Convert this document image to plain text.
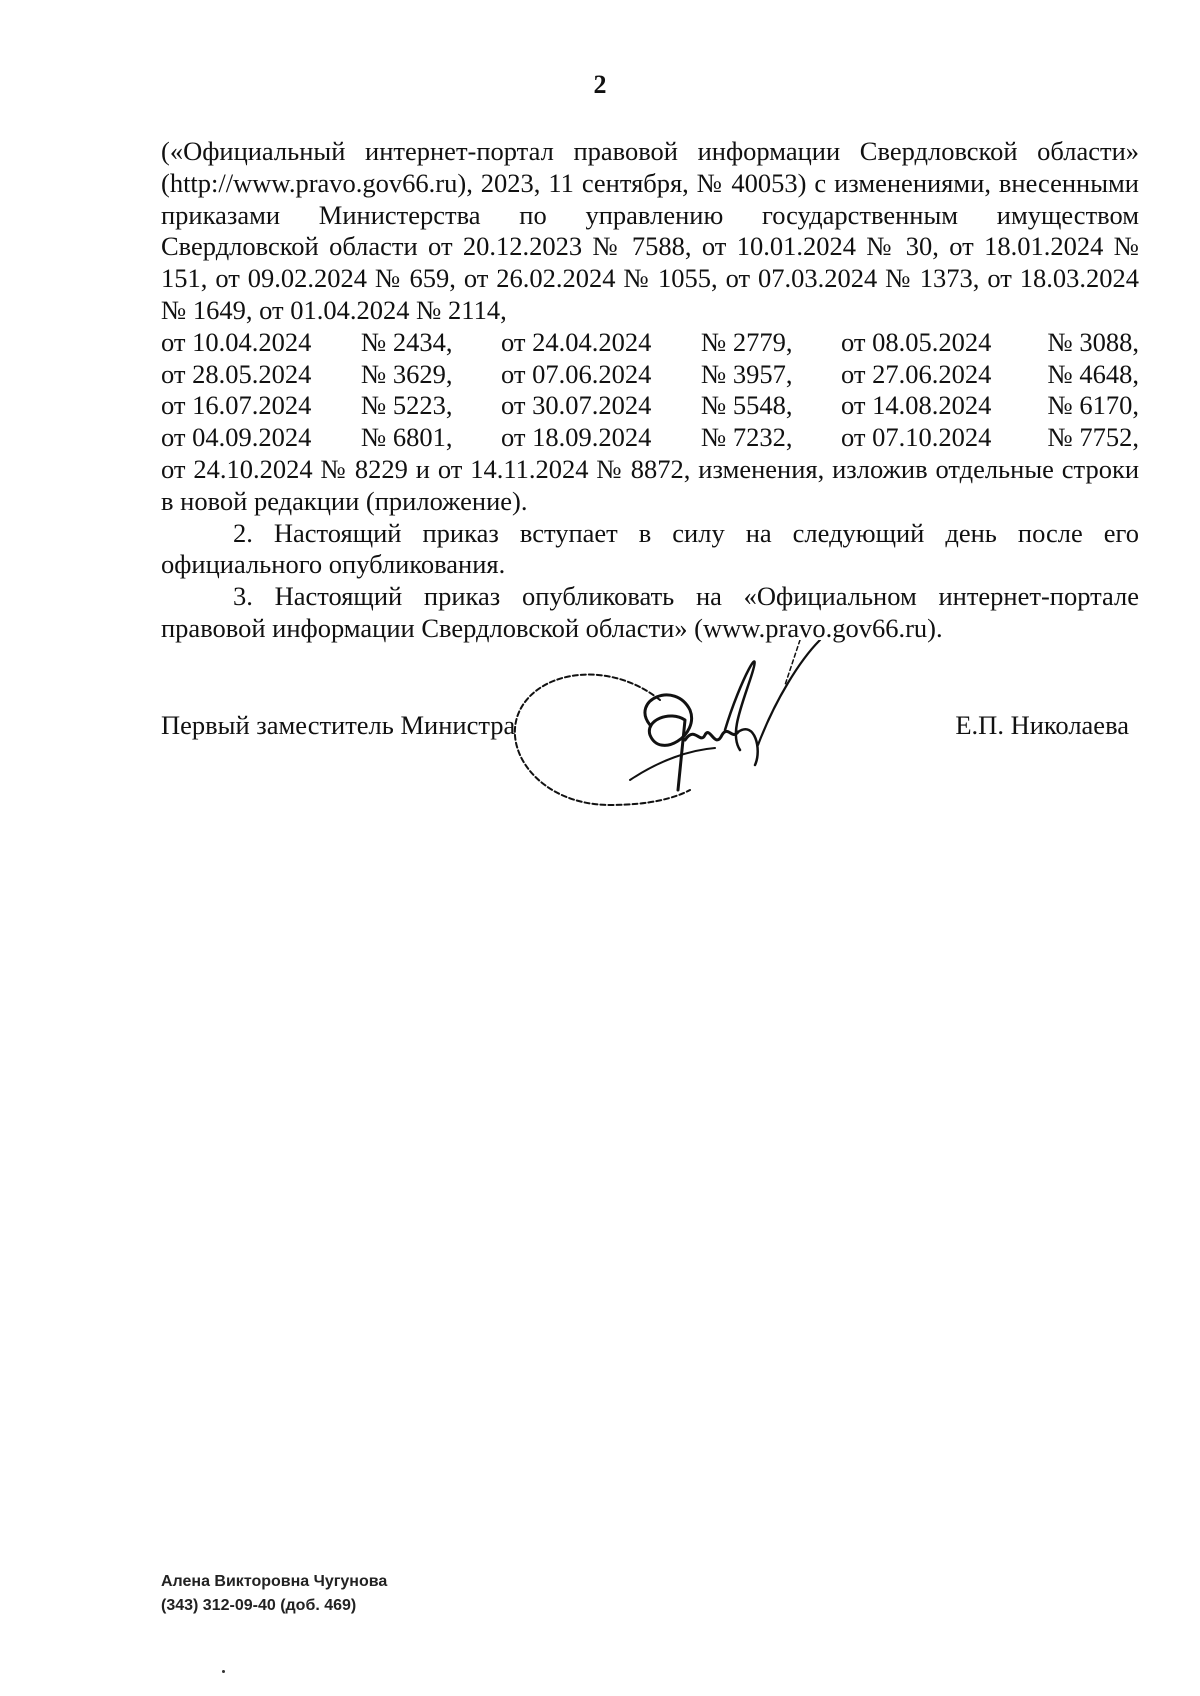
2

(«Официальный интернет-портал правовой информации Свердловской области» (http://www.pravo.gov66.ru), 2023, 11 сентября, № 40053) с изменениями, внесенными приказами Министерства по управлению государственным имуществом Свердловской области от 20.12.2023 № 7588, от 10.01.2024 № 30, от 18.01.2024 № 151, от 09.02.2024 № 659, от 26.02.2024 № 1055, от 07.03.2024 № 1373, от 18.03.2024 № 1649, от 01.04.2024 № 2114,

от 10.04.2024	№ 2434,	от 24.04.2024	№ 2779,	от 08.05.2024	№ 3088,
от 28.05.2024	№ 3629,	от 07.06.2024	№ 3957,	от 27.06.2024	№ 4648,
от 16.07.2024	№ 5223,	от 30.07.2024	№ 5548,	от 14.08.2024	№ 6170,
от 04.09.2024	№ 6801,	от 18.09.2024	№ 7232,	от 07.10.2024	№ 7752,

от 24.10.2024 № 8229 и от 14.11.2024 № 8872, изменения, изложив отдельные строки в новой редакции (приложение).

2. Настоящий приказ вступает в силу на следующий день после его официального опубликования.

3. Настоящий приказ опубликовать на «Официальном интернет-портале правовой информации Свердловской области» (www.pravo.gov66.ru).

Первый заместитель Министра	Е.П. Николаева
Алена Викторовна Чугунова
(343) 312-09-40 (доб. 469)
